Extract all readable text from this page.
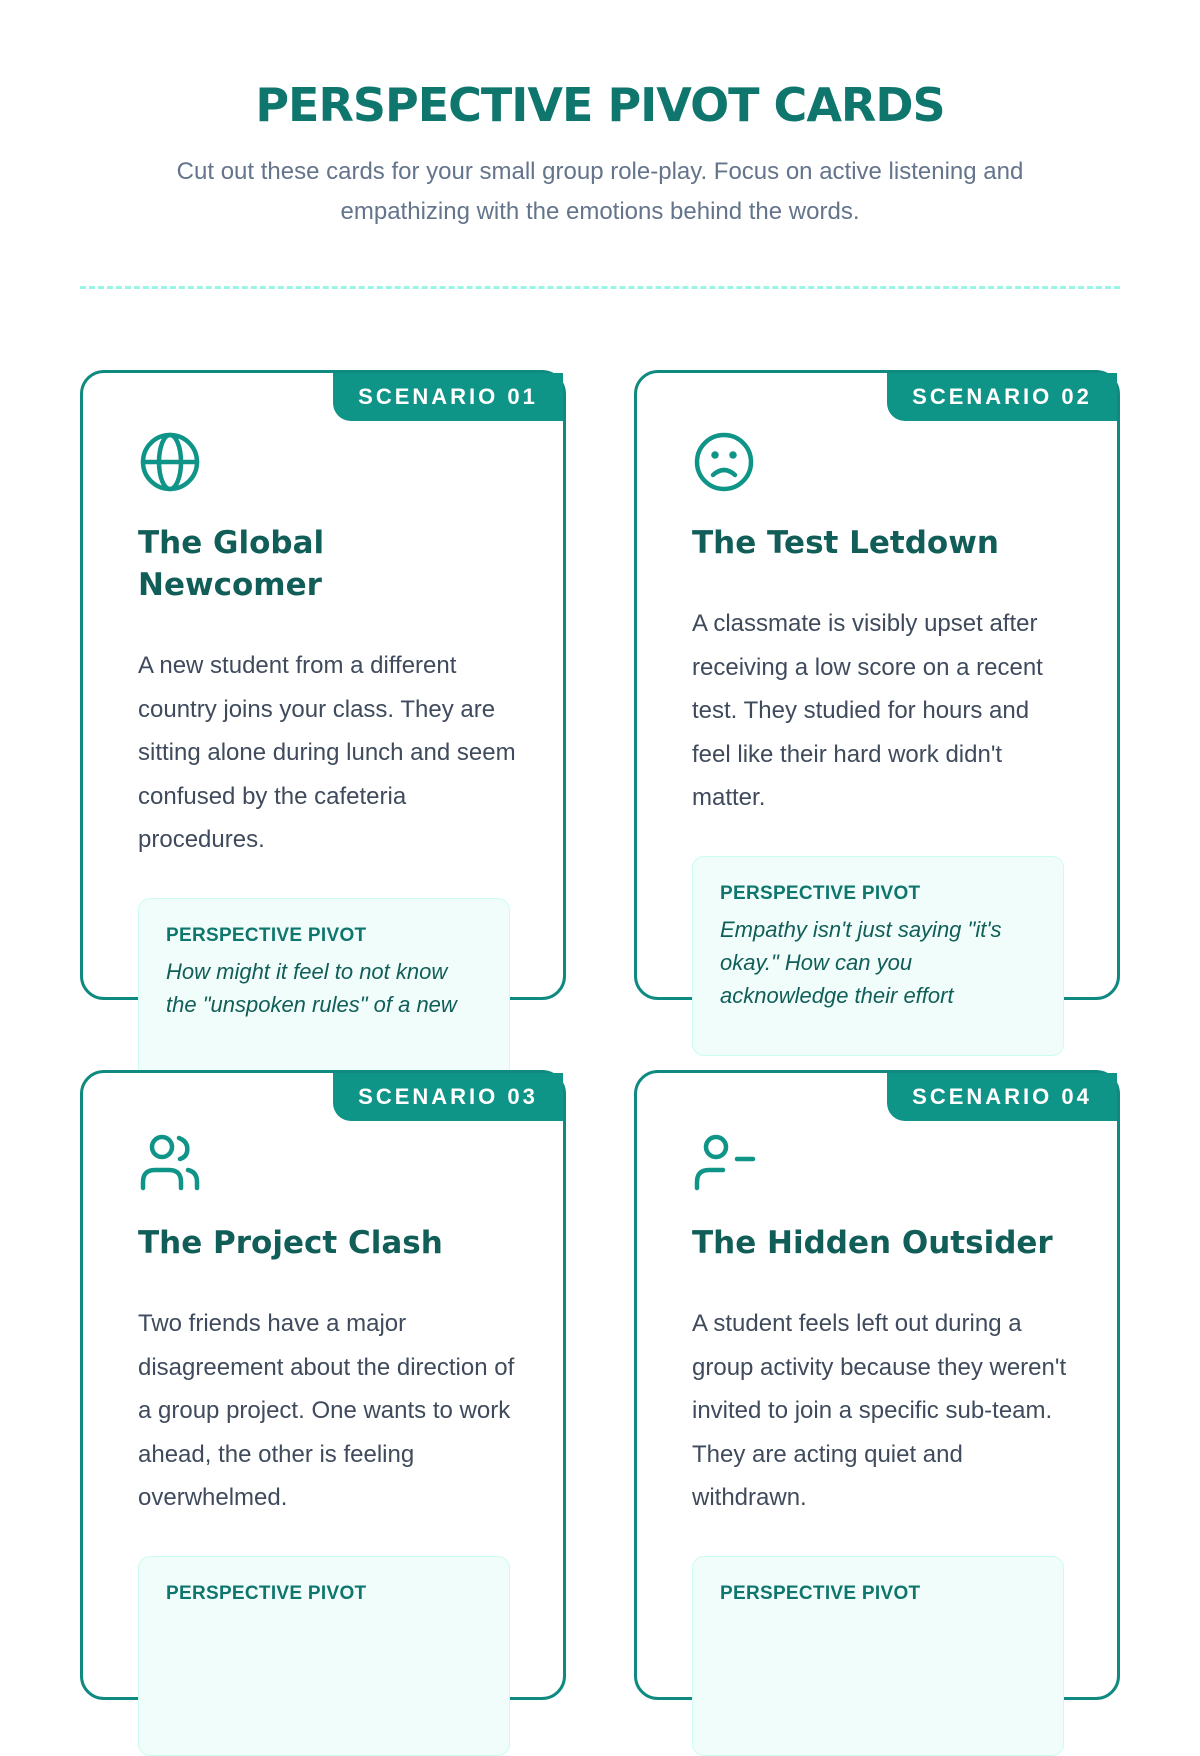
PERSPECTIVE PIVOT CARDS

Cut out these cards for your small group role-play. Focus on active listening and empathizing with the emotions behind the words.

SCENARIO 01
The Global Newcomer
A new student from a different country joins your class. They are sitting alone during lunch and seem confused by the cafeteria procedures.
PERSPECTIVE PIVOT
How might it feel to not know the "unspoken rules" of a new
SCENARIO 02
The Test Letdown
A classmate is visibly upset after receiving a low score on a recent test. They studied for hours and feel like their hard work didn't matter.
PERSPECTIVE PIVOT
Empathy isn't just saying "it's okay." How can you acknowledge their effort
SCENARIO 03
The Project Clash
Two friends have a major disagreement about the direction of a group project. One wants to work ahead, the other is feeling overwhelmed.
PERSPECTIVE PIVOT
SCENARIO 04
The Hidden Outsider
A student feels left out during a group activity because they weren't invited to join a specific sub-team. They are acting quiet and withdrawn.
PERSPECTIVE PIVOT
